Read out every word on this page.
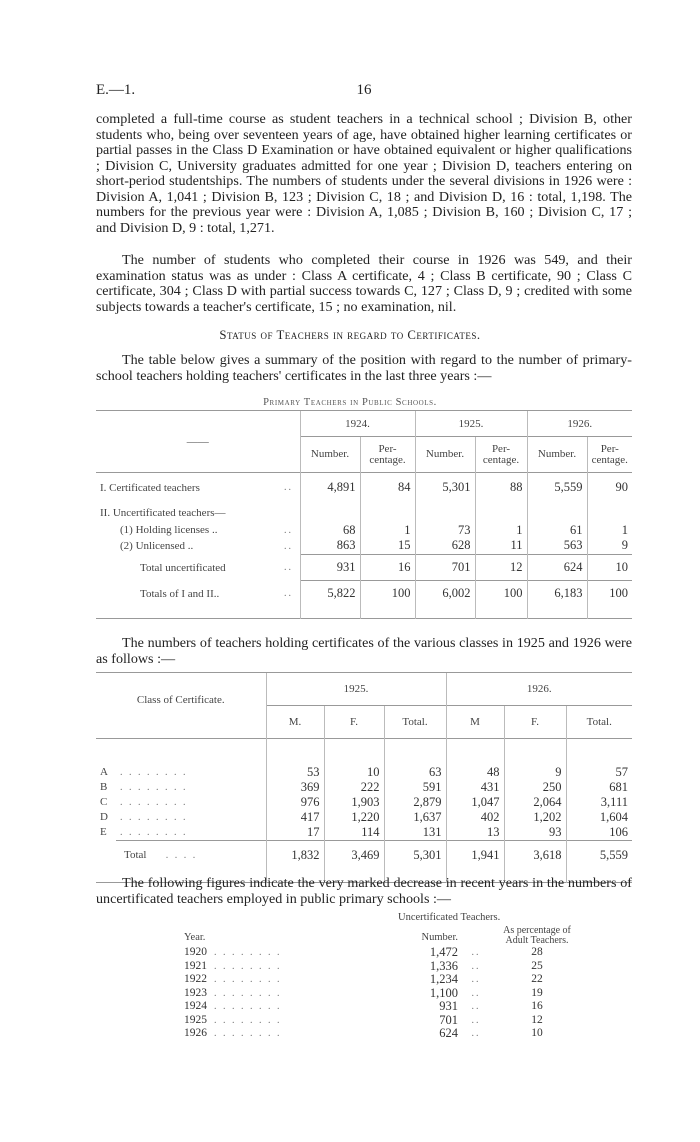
E.—1.	16
completed a full-time course as student teachers in a technical school ; Division B, other students who, being over seventeen years of age, have obtained higher learning certificates or partial passes in the Class D Examination or have obtained equivalent or higher qualifications ; Division C, University graduates admitted for one year ; Division D, teachers entering on short-period studentships. The numbers of students under the several divisions in 1926 were : Division A, 1,041 ; Division B, 123 ; Division C, 18 ; and Division D, 16 : total, 1,198. The numbers for the previous year were : Division A, 1,085 ; Division B, 160 ; Division C, 17 ; and Division D, 9 : total, 1,271.
The number of students who completed their course in 1926 was 549, and their examination status was as under : Class A certificate, 4 ; Class B certificate, 90 ; Class C certificate, 304 ; Class D with partial success towards C, 127 ; Class D, 9 ; credited with some subjects towards a teacher's certificate, 15 ; no examination, nil.
Status of Teachers in regard to Certificates.
The table below gives a summary of the position with regard to the number of primary-school teachers holding teachers' certificates in the last three years :—
Primary Teachers in Public Schools.
——		1924.		1925.		1926.	
		Number.	Per-centage.	Number.	Per-centage.	Number.	Per-centage.
I. Certificated teachers	..	4,891	84	5,301	88	5,559	90
II. Uncertificated teachers—							
(1) Holding licenses ..	..	68	1	73	1	61	1
(2) Unlicensed ..	..	863	15	628	11	563	9
Total uncertificated	..	931	16	701	12	624	10
Totals of I and II..	..	5,822	100	6,002	100	6,183	100

The numbers of teachers holding certificates of the various classes in 1925 and 1926 were as follows :—
Class of Certificate.		1925.			1926.		
		M.	F.	Total.	M	F.	Total.

A	. . . . . . . .	53	10	63	48	9	57
B	. . . . . . . .	369	222	591	431	250	681
C	. . . . . . . .	976	1,903	2,879	1,047	2,064	3,111
D	. . . . . . . .	417	1,220	1,637	402	1,202	1,604
E	. . . . . . . .	17	114	131	13	93	106
	Total . . . .	1,832	3,469	5,301	1,941	3,618	5,559

The following figures indicate the very marked decrease in recent years in the numbers of uncertificated teachers employed in public primary schools :—
Uncertificated Teachers.
Year.		Number.		As percentage of Adult Teachers.
1920	. . . . . . . .	1,472	..	28
1921	. . . . . . . .	1,336	..	25
1922	. . . . . . . .	1,234	..	22
1923	. . . . . . . .	1,100	..	19
1924	. . . . . . . .	931	..	16
1925	. . . . . . . .	701	..	12
1926	. . . . . . . .	624	..	10
